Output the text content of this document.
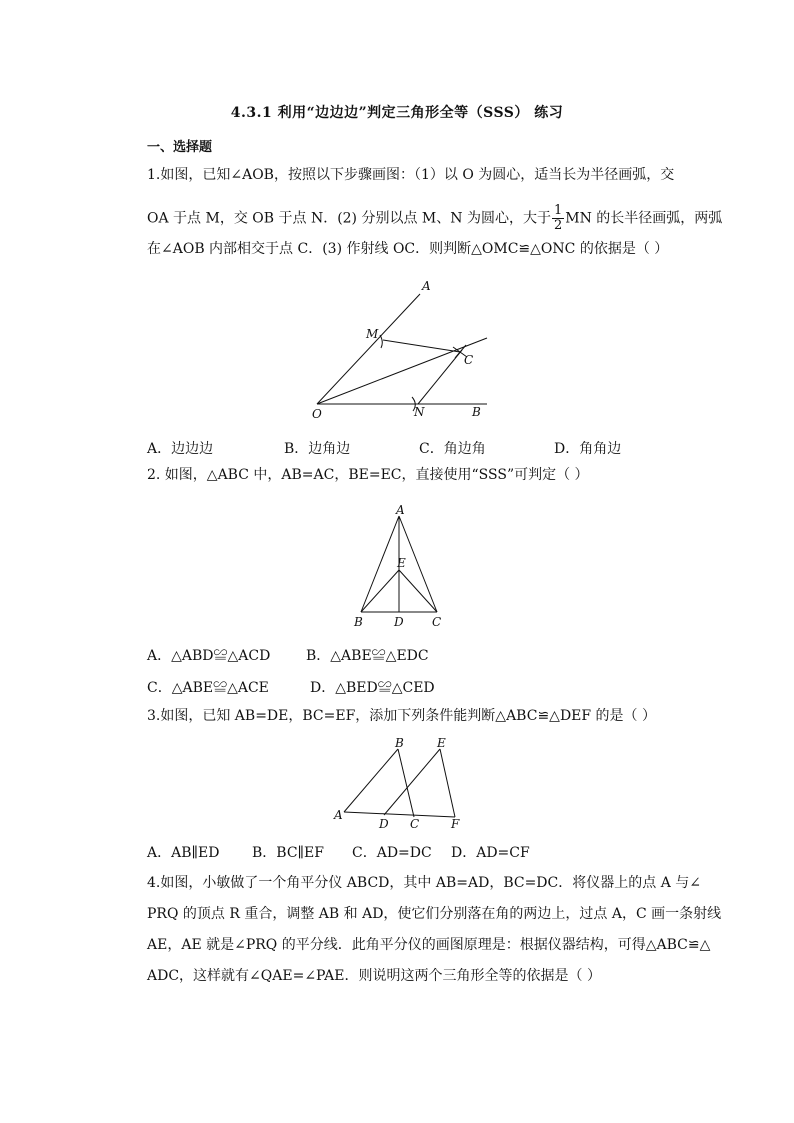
4.3.1 利用“边边边”判定三角形全等（SSS） 练习
一、选择题
1.如图，已知∠AOB，按照以下步骤画图：（1）以 O 为圆心，适当长为半径画弧，交
OA 于点 M，交 OB 于点 N．(2) 分别以点 M、N 为圆心，大于 $\frac{1}{2}$ MN 的长半径画弧，两弧
在∠AOB 内部相交于点 C．(3) 作射线 OC．则判断△OMC≌△ONC 的依据是（ ）
A
M
C
O	N	B
A．边边边	B．边角边	C．角边角	D．角角边
2. 如图，△ABC 中，AB=AC，BE=EC，直接使用“SSS”可判定（ ）
A
E
B	D C
A．△ABD≌△ACD	B．△ABE≌△EDC
C．△ABE≌△ACE	D．△BED≌△CED
3.如图，已知 AB=DE，BC=EF，添加下列条件能判断△ABC≌△DEF 的是（ ）
A
B	E
D C	F
A．AB∥ED B．BC∥EF C．AD=DC D．AD=CF
4.如图，小敏做了一个角平分仪 ABCD，其中 AB=AD，BC=DC．将仪器上的点 A 与∠
PRQ 的顶点 R 重合，调整 AB 和 AD，使它们分别落在角的两边上，过点 A，C 画一条射线
AE，AE 就是∠PRQ 的平分线．此角平分仪的画图原理是：根据仪器结构，可得△ABC≌△
ADC，这样就有∠QAE=∠PAE．则说明这两个三角形全等的依据是（ ）
